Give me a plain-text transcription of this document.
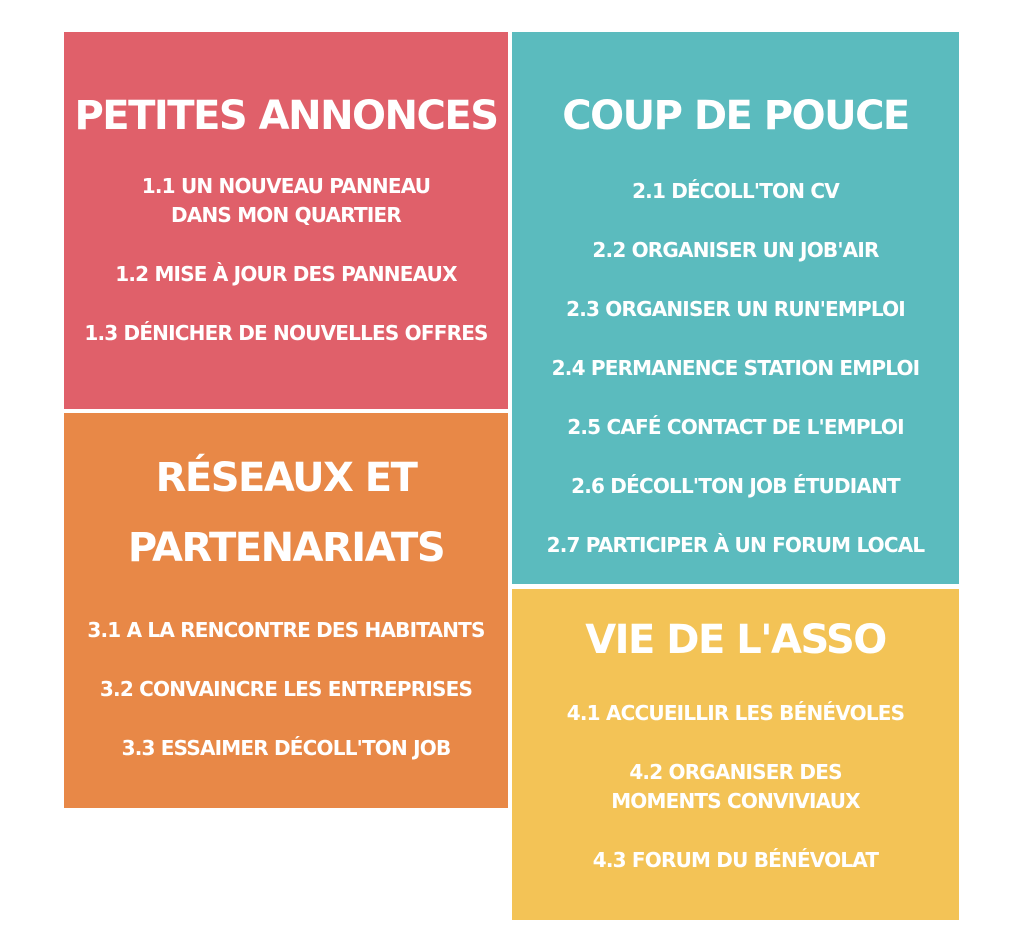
PETITES ANNONCES
1.1 UN NOUVEAU PANNEAU
DANS MON QUARTIER
1.2 MISE À JOUR DES PANNEAUX
1.3 DÉNICHER DE NOUVELLES OFFRES
COUP DE POUCE
2.1 DÉCOLL'TON CV
2.2 ORGANISER UN JOB'AIR
2.3 ORGANISER UN RUN'EMPLOI
2.4 PERMANENCE STATION EMPLOI
2.5 CAFÉ CONTACT DE L'EMPLOI
2.6 DÉCOLL'TON JOB ÉTUDIANT
2.7 PARTICIPER À UN FORUM LOCAL
RÉSEAUX ET
PARTENARIATS
3.1 A LA RENCONTRE DES HABITANTS
3.2 CONVAINCRE LES ENTREPRISES
3.3 ESSAIMER DÉCOLL'TON JOB
VIE DE L'ASSO
4.1 ACCUEILLIR LES BÉNÉVOLES
4.2 ORGANISER DES
MOMENTS CONVIVIAUX
4.3 FORUM DU BÉNÉVOLAT
